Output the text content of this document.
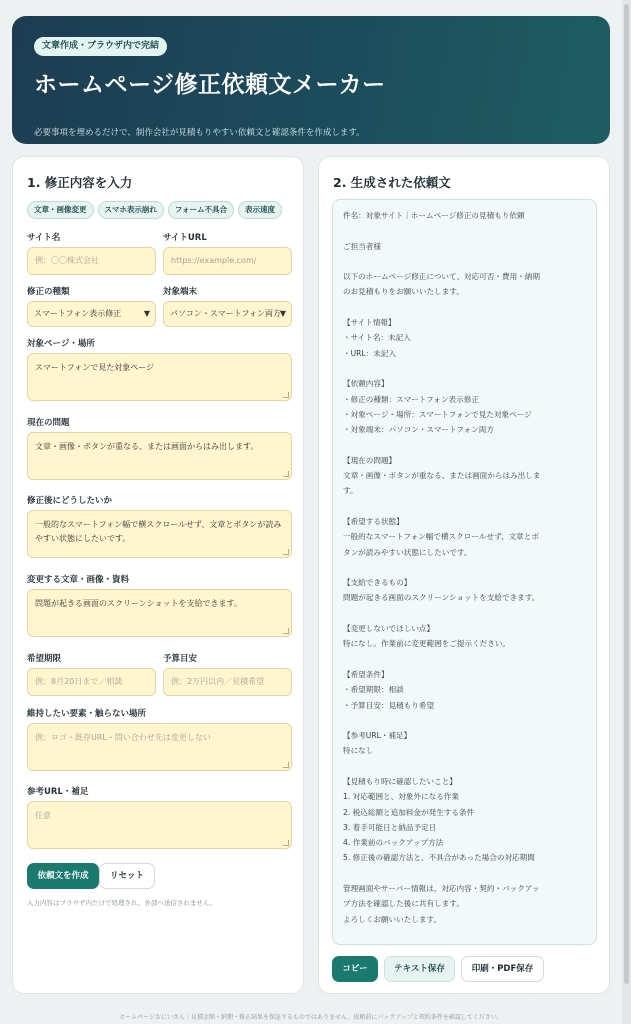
文章作成・ブラウザ内で完結
ホームページ修正依頼文メーカー

必要事項を埋めるだけで、制作会社が見積もりやすい依頼文と確認条件を作成します。

1. 修正内容を入力
文章・画像変更	スマホ表示崩れ	フォーム不具合	表示速度
サイト名
例：〇〇株式会社
サイトURL
https://example.com/
修正の種類
スマートフォン表示修正	▼
対象端末
パソコン・スマートフォン両方
▼
対象ページ・場所
スマートフォンで見た対象ページ
現在の問題
文章・画像・ボタンが重なる、または画面からはみ出します。
修正後にどうしたいか
一般的なスマートフォン幅で横スクロールせず、文章とボタンが読みやすい状態にしたいです。
変更する文章・画像・資料
問題が起きる画面のスクリーンショットを支給できます。
希望期限
例：8月20日まで／相談
予算目安
例：2万円以内／見積希望
維持したい要素・触らない場所
例：ロゴ・既存URL・問い合わせ先は変更しない
参考URL・補足
任意
依頼文を作成	リセット
入力内容はブラウザ内だけで処理され、外部へ送信されません。
2. 生成された依頼文
件名：対象サイト｜ホームページ修正の見積もり依頼
ご担当者様
以下のホームページ修正について、対応可否・費用・納期
のお見積もりをお願いいたします。
【サイト情報】
・サイト名：未記入
・URL：未記入
【依頼内容】
・修正の種類：スマートフォン表示修正
・対象ページ・場所：スマートフォンで見た対象ページ
・対象端末：パソコン・スマートフォン両方
【現在の問題】
文章・画像・ボタンが重なる、または画面からはみ出しま
す。
【希望する状態】
一般的なスマートフォン幅で横スクロールせず、文章とボ
タンが読みやすい状態にしたいです。
【支給できるもの】
問題が起きる画面のスクリーンショットを支給できます。
【変更しないでほしい点】
特になし。作業前に変更範囲をご提示ください。
【希望条件】
・希望期限：相談
・予算目安：見積もり希望
【参考URL・補足】
特になし
【見積もり時に確認したいこと】
1. 対応範囲と、対象外になる作業
2. 税込総額と追加料金が発生する条件
3. 着手可能日と納品予定日
4. 作業前のバックアップ方法
5. 修正後の確認方法と、不具合があった場合の対応期間
管理画面やサーバー情報は、対応内容・契約・バックアッ
プ方法を確認した後に共有します。
よろしくお願いいたします。
コピー	テキスト保存	印刷・PDF保存
ホームページおにいさん｜見積金額・納期・修正結果を保証するものではありません。依頼前にバックアップと契約条件を確認してください。
